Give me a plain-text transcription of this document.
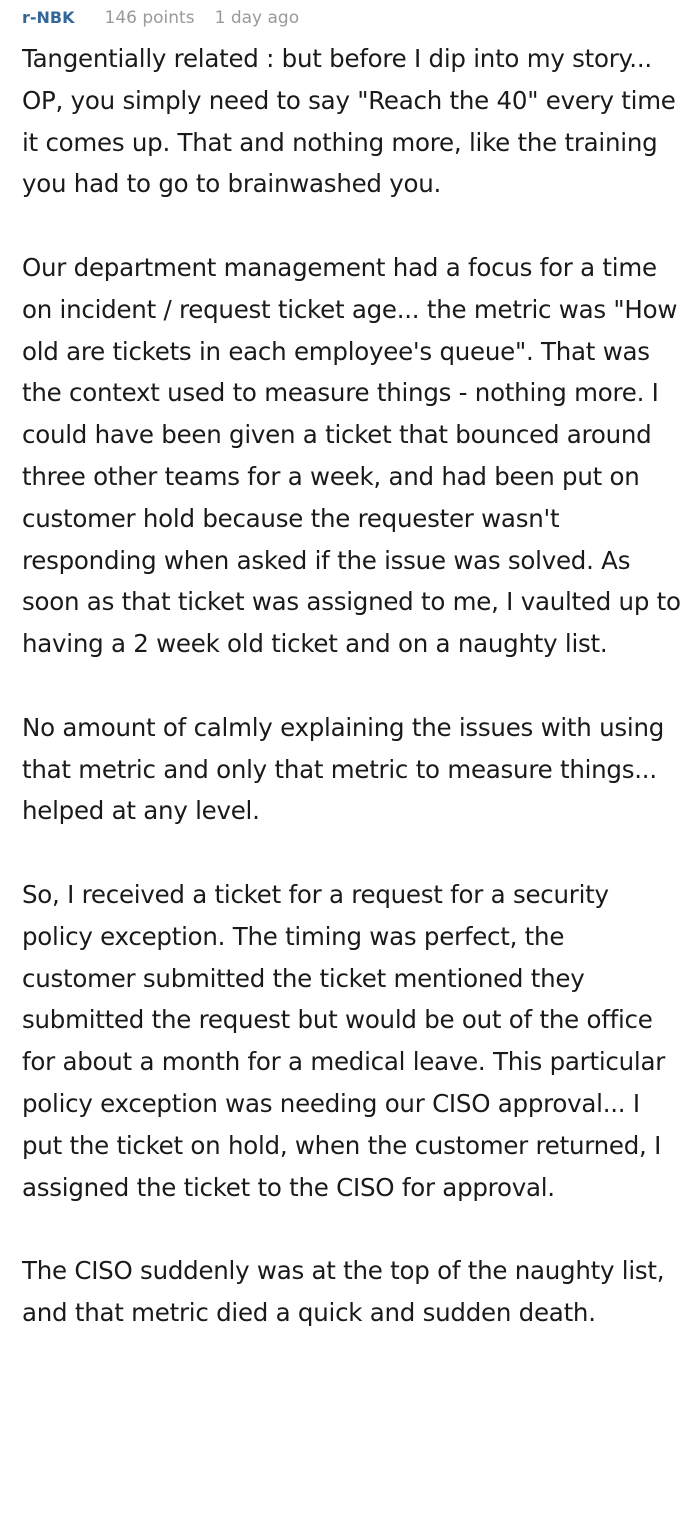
r-NBK 146 points 1 day ago

Tangentially related : but before I dip into my story... OP, you simply need to say "Reach the 40" every time it comes up. That and nothing more, like the training you had to go to brainwashed you.

Our department management had a focus for a time on incident / request ticket age... the metric was "How old are tickets in each employee's queue". That was the context used to measure things - nothing more. I could have been given a ticket that bounced around three other teams for a week, and had been put on customer hold because the requester wasn't responding when asked if the issue was solved. As soon as that ticket was assigned to me, I vaulted up to having a 2 week old ticket and on a naughty list.

No amount of calmly explaining the issues with using that metric and only that metric to measure things... helped at any level.

So, I received a ticket for a request for a security policy exception. The timing was perfect, the customer submitted the ticket mentioned they submitted the request but would be out of the office for about a month for a medical leave. This particular policy exception was needing our CISO approval... I put the ticket on hold, when the customer returned, I assigned the ticket to the CISO for approval.

The CISO suddenly was at the top of the naughty list, and that metric died a quick and sudden death.
